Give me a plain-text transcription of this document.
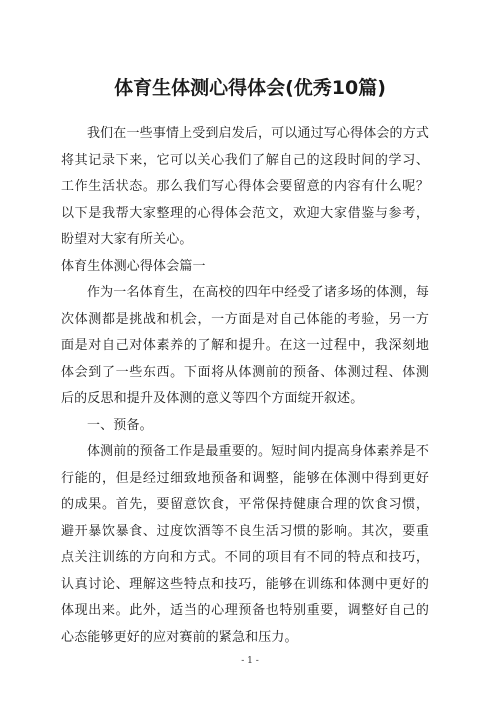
体育生体测心得体会(优秀10篇)

我们在一些事情上受到启发后，可以通过写心得体会的方式将其记录下来，它可以关心我们了解自己的这段时间的学习、工作生活状态。那么我们写心得体会要留意的内容有什么呢？以下是我帮大家整理的心得体会范文，欢迎大家借鉴与参考，盼望对大家有所关心。

体育生体测心得体会篇一

作为一名体育生，在高校的四年中经受了诸多场的体测，每次体测都是挑战和机会，一方面是对自己体能的考验，另一方面是对自己对体素养的了解和提升。在这一过程中，我深刻地体会到了一些东西。下面将从体测前的预备、体测过程、体测后的反思和提升及体测的意义等四个方面绽开叙述。

一、预备。

体测前的预备工作是最重要的。短时间内提高身体素养是不行能的，但是经过细致地预备和调整，能够在体测中得到更好的成果。首先，要留意饮食，平常保持健康合理的饮食习惯，避开暴饮暴食、过度饮酒等不良生活习惯的影响。其次，要重点关注训练的方向和方式。不同的项目有不同的特点和技巧，认真讨论、理解这些特点和技巧，能够在训练和体测中更好的体现出来。此外，适当的心理预备也特别重要，调整好自己的心态能够更好的应对赛前的紧急和压力。

- 1 -
